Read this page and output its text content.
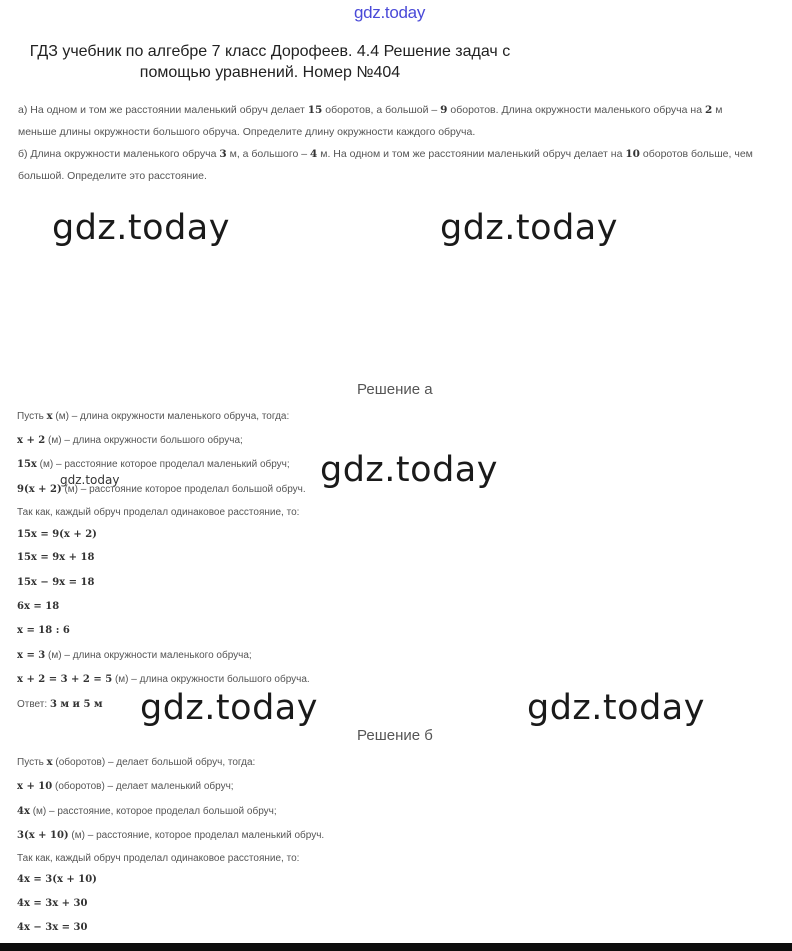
gdz.today
ГДЗ учебник по алгебре 7 класс Дорофеев. 4.4 Решение задач с помощью уравнений. Номер №404
а) На одном и том же расстоянии маленький обруч делает 15 оборотов, а большой – 9 оборотов. Длина окружности маленького обруча на 2 м
меньше длины окружности большого обруча. Определите длину окружности каждого обруча.
б) Длина окружности маленького обруча 3 м, а большого – 4 м. На одном и том же расстоянии маленький обруч делает на 10 оборотов больше, чем
большой. Определите это расстояние.
gdz.today	gdz.today
gdz.today
gdz.today
gdz.today	gdz.today
Решение а
Пусть x (м) – длина окружности маленького обруча, тогда:
x + 2 (м) – длина окружности большого обруча;
15x (м) – расстояние которое проделал маленький обруч;
9(x + 2) (м) – расстояние которое проделал большой обруч.
Так как, каждый обруч проделал одинаковое расстояние, то:
15x = 9(x + 2)
15x = 9x + 18
15x − 9x = 18
6x = 18
x = 18 : 6
x = 3 (м) – длина окружности маленького обруча;
x + 2 = 3 + 2 = 5 (м) – длина окружности большого обруча.
Ответ: 3 м и 5 м
Решение б
Пусть x (оборотов) – делает большой обруч, тогда:
x + 10 (оборотов) – делает маленький обруч;
4x (м) – расстояние, которое проделал большой обруч;
3(x + 10) (м) – расстояние, которое проделал маленький обруч.
Так как, каждый обруч проделал одинаковое расстояние, то:
4x = 3(x + 10)
4x = 3x + 30
4x − 3x = 30
